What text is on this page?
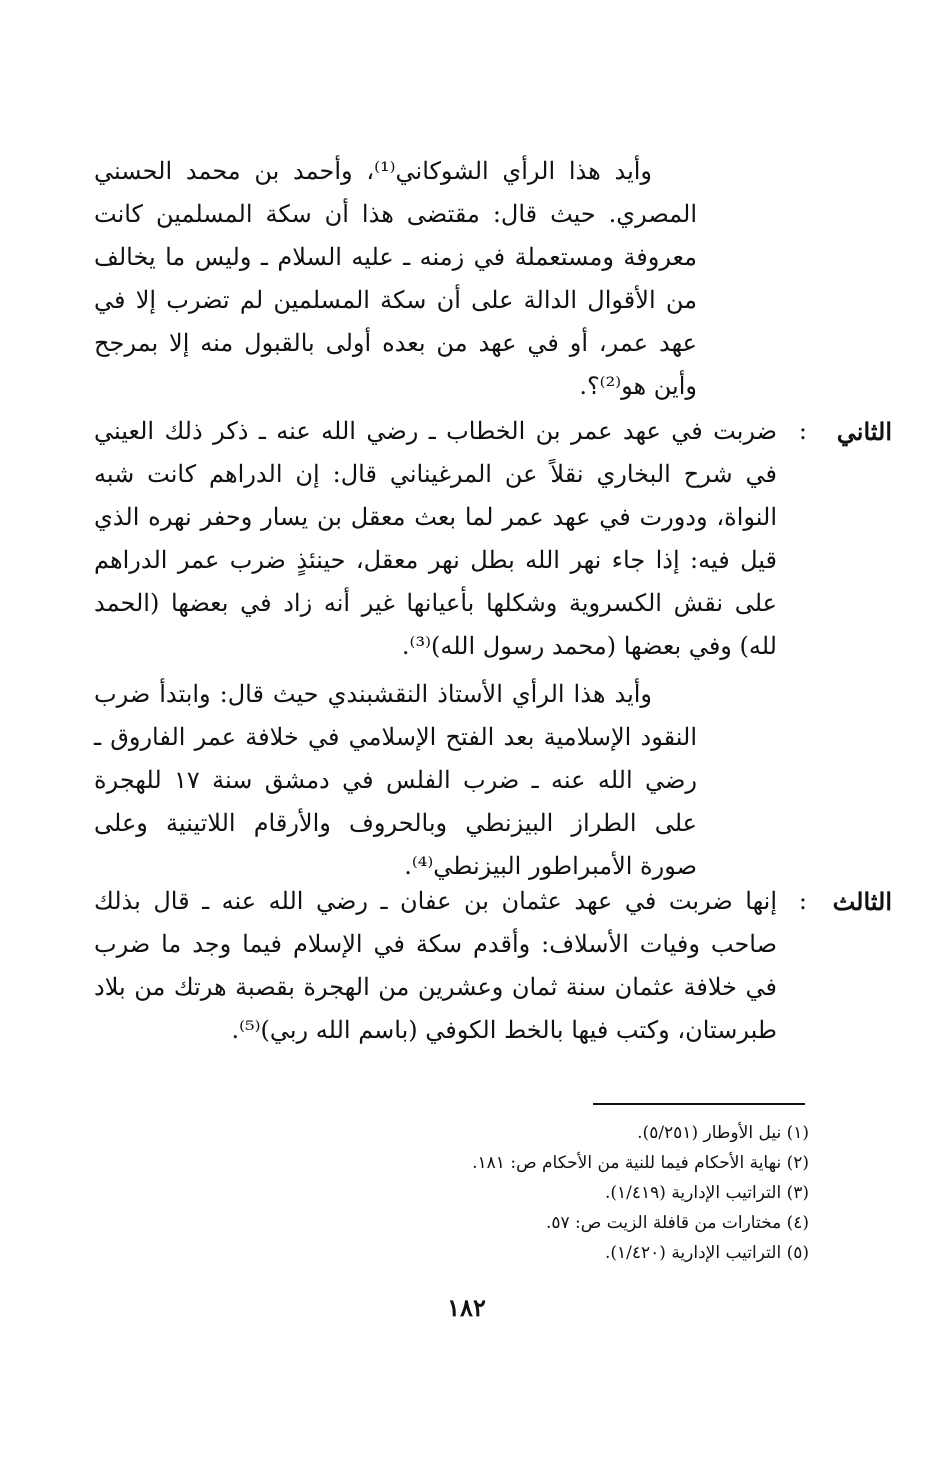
وأيد هذا الرأي الشوكاني⁽¹⁾، وأحمد بن محمد الحسني المصري. حيث قال: مقتضى هذا أن سكة المسلمين كانت معروفة ومستعملة في زمنه ـ عليه السلام ـ وليس ما يخالف من الأقوال الدالة على أن سكة المسلمين لم تضرب إلا في عهد عمر، أو في عهد من بعده أولى بالقبول منه إلا بمرجح وأين هو⁽²⁾؟.

الثاني
:

ضربت في عهد عمر بن الخطاب ـ رضي الله عنه ـ ذكر ذلك العيني في شرح البخاري نقلاً عن المرغيناني قال: إن الدراهم كانت شبه النواة، ودورت في عهد عمر لما بعث معقل بن يسار وحفر نهره الذي قيل فيه: إذا جاء نهر الله بطل نهر معقل، حينئذٍ ضرب عمر الدراهم على نقش الكسروية وشكلها بأعيانها غير أنه زاد في بعضها (الحمد لله) وفي بعضها (محمد رسول الله)⁽³⁾.

وأيد هذا الرأي الأستاذ النقشبندي حيث قال: وابتدأ ضرب النقود الإسلامية بعد الفتح الإسلامي في خلافة عمر الفاروق ـ رضي الله عنه ـ ضرب الفلس في دمشق سنة ١٧ للهجرة على الطراز البيزنطي وبالحروف والأرقام اللاتينية وعلى صورة الأمبراطور البيزنطي⁽⁴⁾.

الثالث
:

إنها ضربت في عهد عثمان بن عفان ـ رضي الله عنه ـ قال بذلك صاحب وفيات الأسلاف: وأقدم سكة في الإسلام فيما وجد ما ضرب في خلافة عثمان سنة ثمان وعشرين من الهجرة بقصبة هرتك من بلاد طبرستان، وكتب فيها بالخط الكوفي (باسم الله ربي)⁽⁵⁾.

(١) نيل الأوطار (٥/٢٥١).
(٢) نهاية الأحكام فيما للنية من الأحكام ص: ١٨١.
(٣) التراتيب الإدارية (١/٤١٩).
(٤) مختارات من قافلة الزيت ص: ٥٧.
(٥) التراتيب الإدارية (١/٤٢٠).
١٨٢
